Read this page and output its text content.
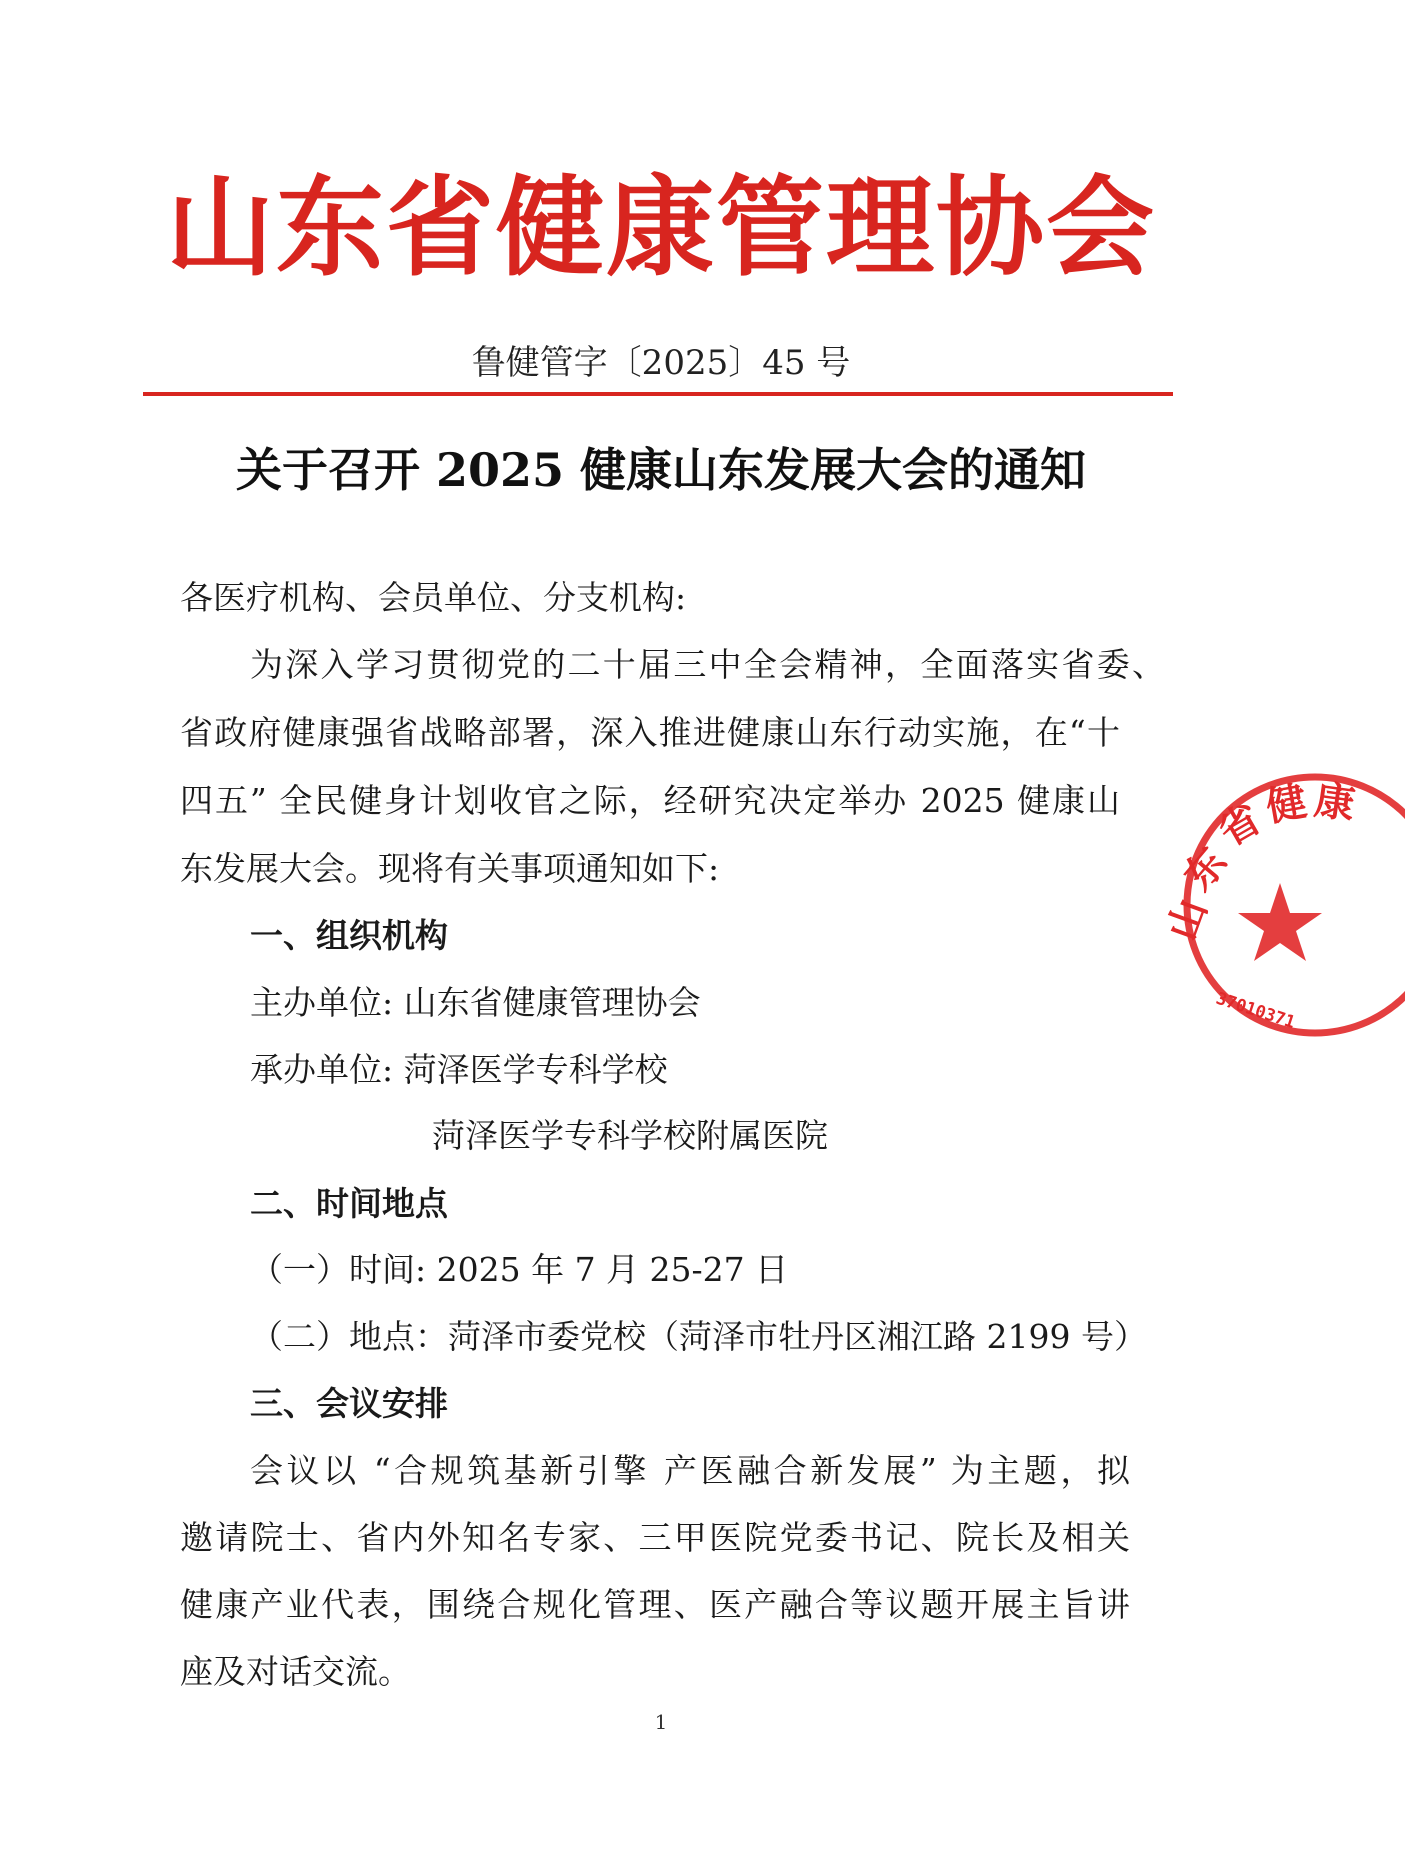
山东省健康管理协会
鲁健管字〔2025〕45 号
关于召开 2025 健康山东发展大会的通知
各医疗机构、会员单位、分支机构:
为深入学习贯彻党的二十届三中全会精神，全面落实省委、
省政府健康强省战略部署，深入推进健康山东行动实施，在“十
四五” 全民健身计划收官之际，经研究决定举办 2025 健康山
东发展大会。现将有关事项通知如下:
一、组织机构
主办单位: 山东省健康管理协会
承办单位: 菏泽医学专科学校
菏泽医学专科学校附属医院
二、时间地点
（一）时间: 2025 年 7 月 25-27 日
（二）地点：菏泽市委党校（菏泽市牡丹区湘江路 2199 号）
三、会议安排
会议以 “合规筑基新引擎 产医融合新发展” 为主题，拟
邀请院士、省内外知名专家、三甲医院党委书记、院长及相关
健康产业代表，围绕合规化管理、医产融合等议题开展主旨讲
座及对话交流。
1
山
东
省
健 康
37010371
